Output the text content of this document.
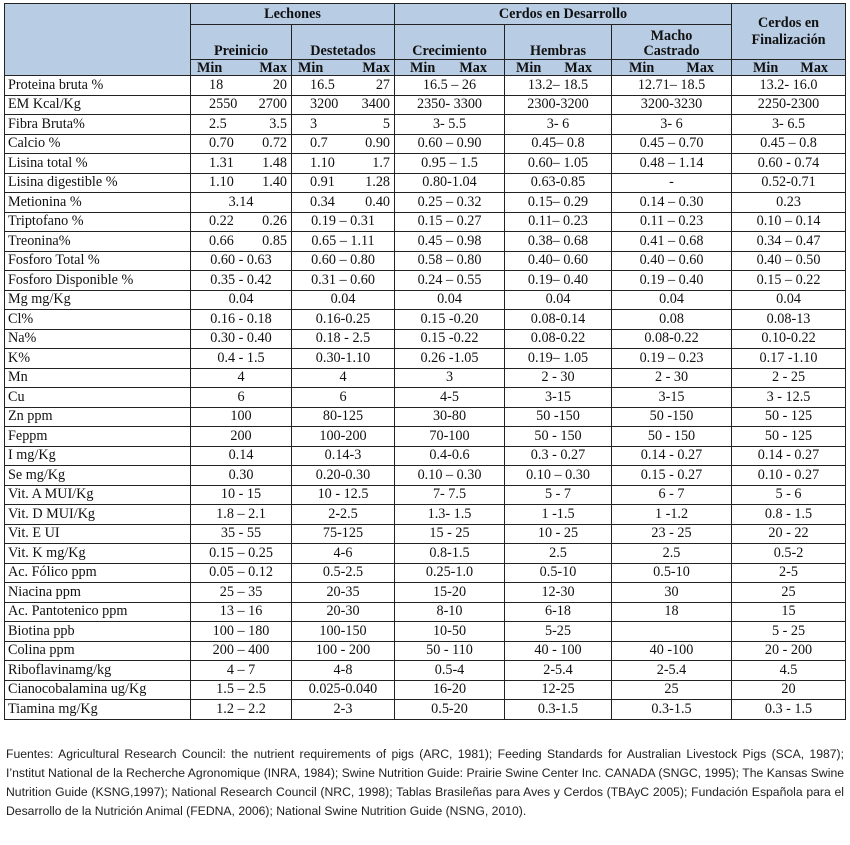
	Lechones				Cerdos en Desarrollo			Cerdos en Finalización
	Preinicio		Destetados		Crecimiento	Hembras	Macho Castrado	
	Min	Max	Min	Max	Min Max	Min Max	Min Max	Min Max

Proteina bruta %	18	20	16.5	27	16.5 – 26	13.2– 18.5	12.71– 18.5	13.2- 16.0
EM Kcal/Kg	2550	2700	3200	3400	2350- 3300	2300-3200	3200-3230	2250-2300
Fibra Bruta%	2.5	3.5	3	5	3- 5.5	3- 6	3- 6	3- 6.5
Calcio %	0.70	0.72	0.7	0.90	0.60 – 0.90	0.45– 0.8	0.45 – 0.70	0.45 – 0.8
Lisina total %	1.31	1.48	1.10	1.7	0.95 – 1.5	0.60– 1.05	0.48 – 1.14	0.60 - 0.74
Lisina digestible %	1.10	1.40	0.91	1.28	0.80-1.04	0.63-0.85	-	0.52-0.71
Metionina %	3.14		0.34	0.40	0.25 – 0.32	0.15– 0.29	0.14 – 0.30	0.23
Triptofano %	0.22	0.26	0.19 – 0.31		0.15 – 0.27	0.11– 0.23	0.11 – 0.23	0.10 – 0.14
Treonina%	0.66	0.85	0.65 – 1.11		0.45 – 0.98	0.38– 0.68	0.41 – 0.68	0.34 – 0.47
Fosforo Total %	0.60 - 0.63		0.60 – 0.80		0.58 – 0.80	0.40– 0.60	0.40 – 0.60	0.40 – 0.50
Fosforo Disponible %	0.35 - 0.42		0.31 – 0.60		0.24 – 0.55	0.19– 0.40	0.19 – 0.40	0.15 – 0.22
Mg mg/Kg	0.04		0.04		0.04	0.04	0.04	0.04
Cl%	0.16 - 0.18		0.16-0.25		0.15 -0.20	0.08-0.14	0.08	0.08-13
Na%	0.30 - 0.40		0.18 - 2.5		0.15 -0.22	0.08-0.22	0.08-0.22	0.10-0.22
K%	0.4 - 1.5		0.30-1.10		0.26 -1.05	0.19– 1.05	0.19 – 0.23	0.17 -1.10
Mn	4		4		3	2 - 30	2 - 30	2 - 25
Cu	6		6		4-5	3-15	3-15	3 - 12.5
Zn ppm	100		80-125		30-80	50 -150	50 -150	50 - 125
Feppm	200		100-200		70-100	50 - 150	50 - 150	50 - 125
I mg/Kg	0.14		0.14-3		0.4-0.6	0.3 - 0.27	0.14 - 0.27	0.14 - 0.27
Se mg/Kg	0.30		0.20-0.30		0.10 – 0.30	0.10 – 0.30	0.15 - 0.27	0.10 - 0.27
Vit. A MUI/Kg	10 - 15		10 - 12.5		7- 7.5	5 - 7	6 - 7	5 - 6
Vit. D MUI/Kg	1.8 – 2.1		2-2.5		1.3- 1.5	1 -1.5	1 -1.2	0.8 - 1.5
Vit. E UI	35 - 55		75-125		15 - 25	10 - 25	23 - 25	20 - 22
Vit. K mg/Kg	0.15 – 0.25		4-6		0.8-1.5	2.5	2.5	0.5-2
Ac. Fólico ppm	0.05 – 0.12		0.5-2.5		0.25-1.0	0.5-10	0.5-10	2-5
Niacina ppm	25 – 35		20-35		15-20	12-30	30	25
Ac. Pantotenico ppm	13 – 16		20-30		8-10	6-18	18	15
Biotina ppb	100 – 180		100-150		10-50	5-25		5 - 25
Colina ppm	200 – 400		100 - 200		50 - 110	40 - 100	40 -100	20 - 200
Riboflavinamg/kg	4 – 7		4-8		0.5-4	2-5.4	2-5.4	4.5
Cianocobalamina ug/Kg	1.5 – 2.5		0.025-0.040		16-20	12-25	25	20
Tiamina mg/Kg	1.2 – 2.2		2-3		0.5-20	0.3-1.5	0.3-1.5	0.3 - 1.5

Fuentes: Agricultural Research Council: the nutrient requirements of pigs (ARC, 1981); Feeding Standards for Australian Livestock Pigs (SCA, 1987); I’nstitut National de la Recherche Agronomique (INRA, 1984); Swine Nutrition Guide: Prairie Swine Center Inc. CANADA (SNGC, 1995); The Kansas Swine Nutrition Guide (KSNG,1997); National Research Council (NRC, 1998); Tablas Brasileñas para Aves y Cerdos (TBAyC 2005); Fundación Española para el Desarrollo de la Nutrición Animal (FEDNA, 2006); National Swine Nutrition Guide (NSNG, 2010).
